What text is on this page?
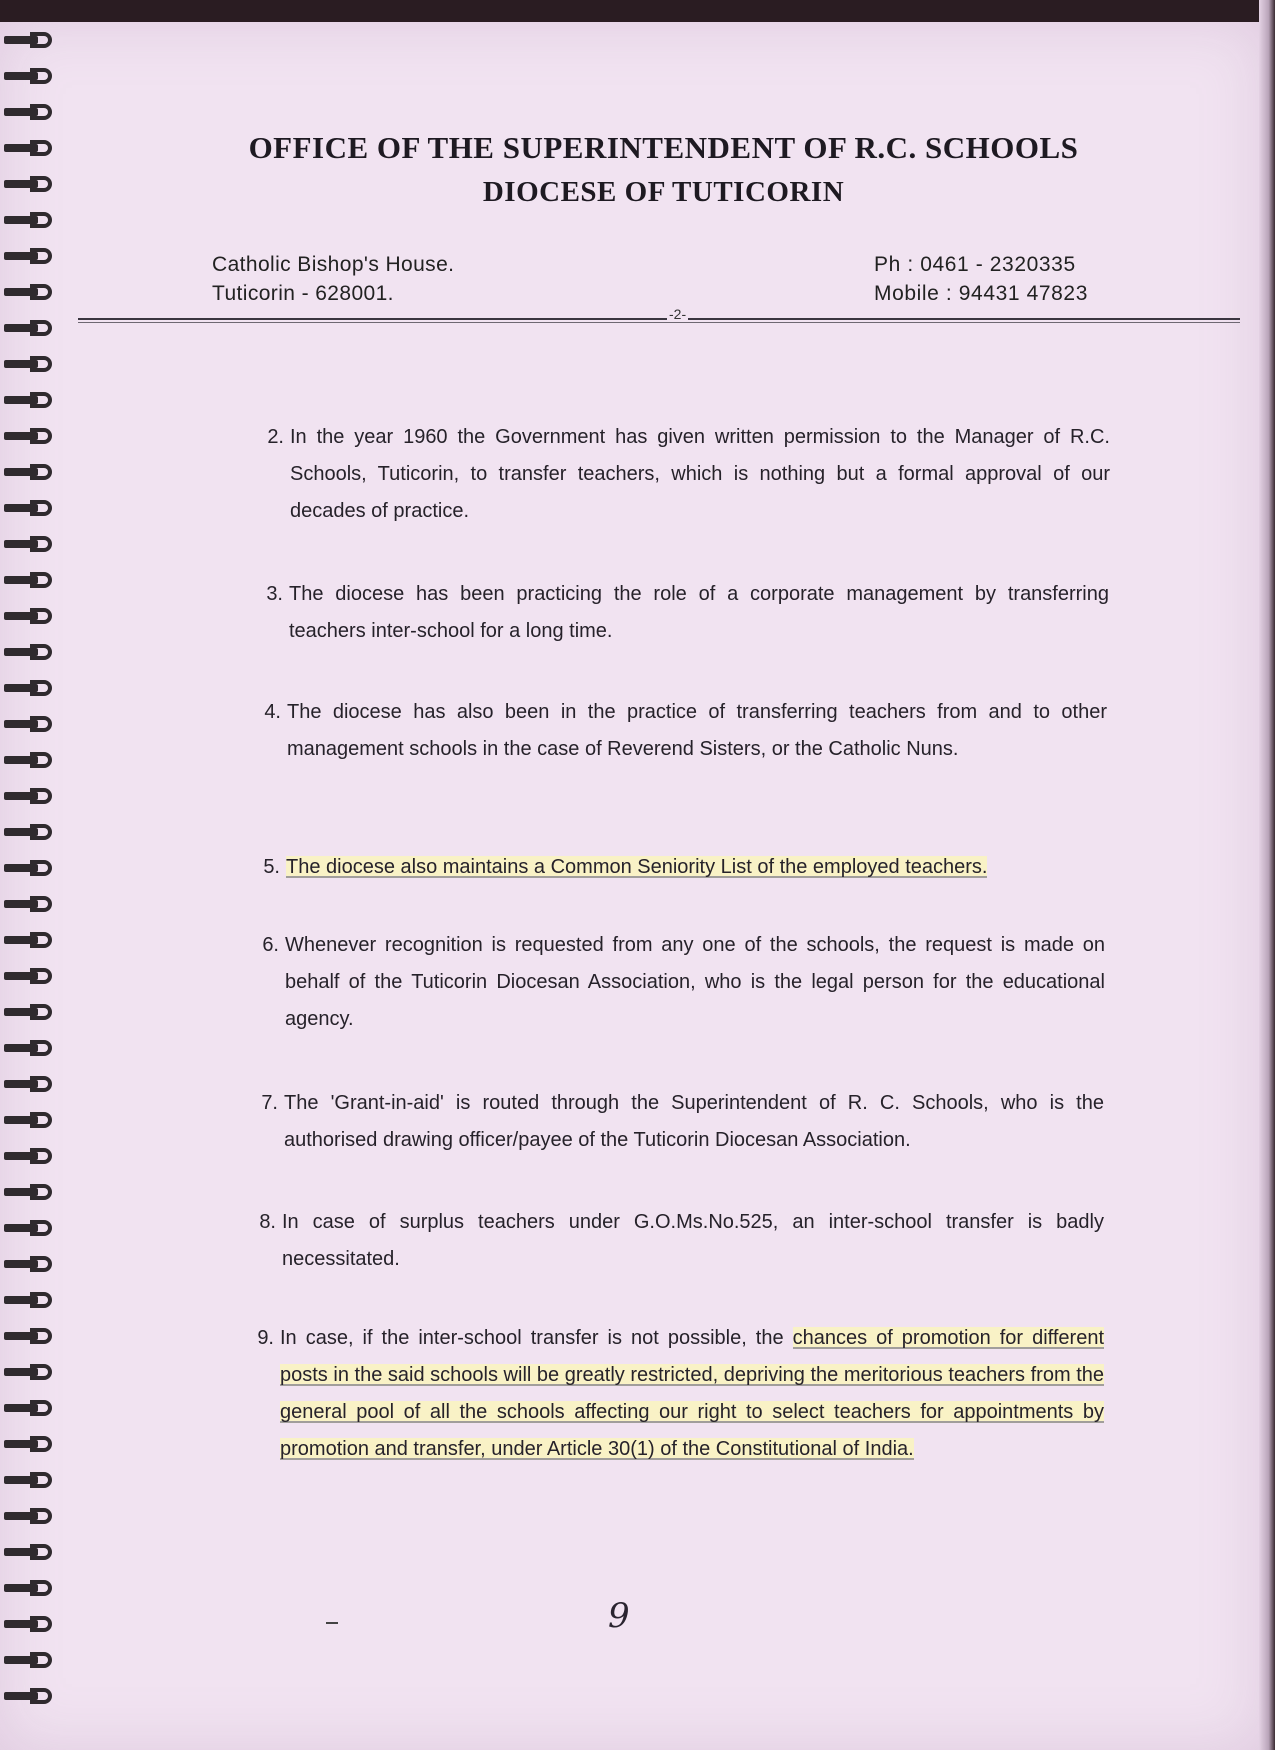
OFFICE OF THE SUPERINTENDENT OF R.C. SCHOOLS
DIOCESE OF TUTICORIN
Catholic Bishop's House.
Tuticorin - 628001.
Ph : 0461 - 2320335
Mobile : 94431 47823
-2-
2. In the year 1960 the Government has given written permission to the Manager of R.C. Schools, Tuticorin, to transfer teachers, which is nothing but a formal approval of our decades of practice.
3. The diocese has been practicing the role of a corporate management by transferring teachers inter-school for a long time.
4. The diocese has also been in the practice of transferring teachers from and to other management schools in the case of Reverend Sisters, or the Catholic Nuns.
5. The diocese also maintains a Common Seniority List of the employed teachers.
6. Whenever recognition is requested from any one of the schools, the request is made on behalf of the Tuticorin Diocesan Association, who is the legal person for the educational agency.
7. The 'Grant-in-aid' is routed through the Superintendent of R. C. Schools, who is the authorised drawing officer/payee of the Tuticorin Diocesan Association.
8. In case of surplus teachers under G.O.Ms.No.525, an inter-school transfer is badly necessitated.
9. In case, if the inter-school transfer is not possible, the chances of promotion for different posts in the said schools will be greatly restricted, depriving the meritorious teachers from the general pool of all the schools affecting our right to select teachers for appointments by promotion and transfer, under Article 30(1) of the Constitutional of India.
9
